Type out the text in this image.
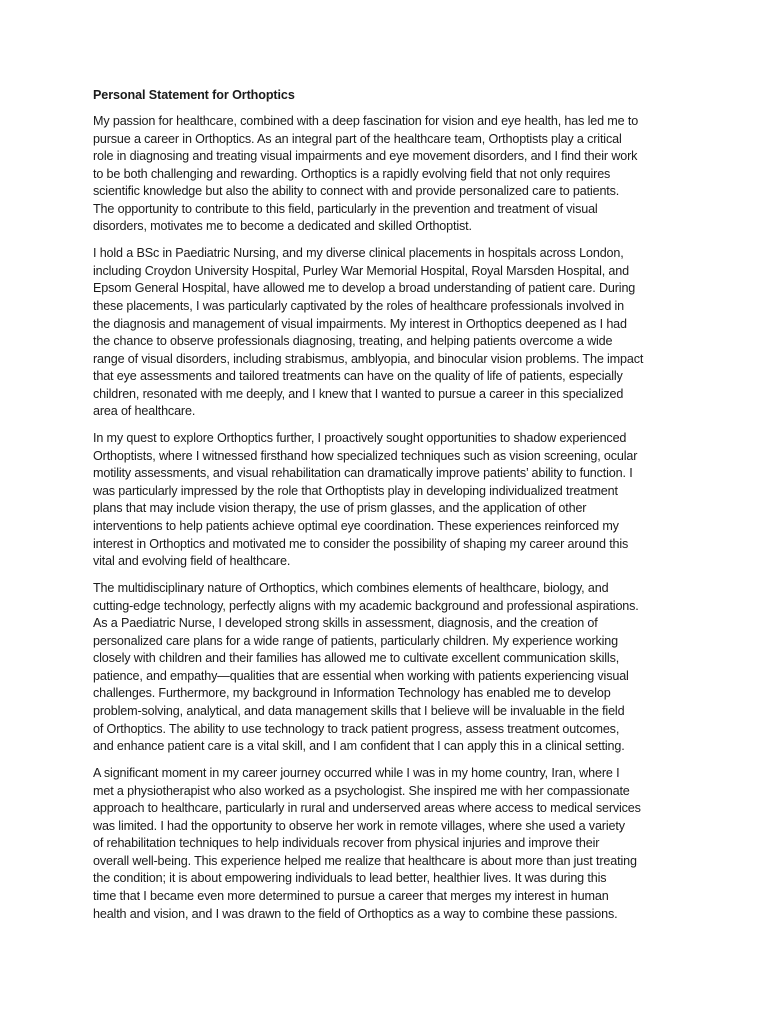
Personal Statement for Orthoptics
My passion for healthcare, combined with a deep fascination for vision and eye health, has led me to
pursue a career in Orthoptics. As an integral part of the healthcare team, Orthoptists play a critical
role in diagnosing and treating visual impairments and eye movement disorders, and I find their work
to be both challenging and rewarding. Orthoptics is a rapidly evolving field that not only requires
scientific knowledge but also the ability to connect with and provide personalized care to patients.
The opportunity to contribute to this field, particularly in the prevention and treatment of visual
disorders, motivates me to become a dedicated and skilled Orthoptist.
I hold a BSc in Paediatric Nursing, and my diverse clinical placements in hospitals across London,
including Croydon University Hospital, Purley War Memorial Hospital, Royal Marsden Hospital, and
Epsom General Hospital, have allowed me to develop a broad understanding of patient care. During
these placements, I was particularly captivated by the roles of healthcare professionals involved in
the diagnosis and management of visual impairments. My interest in Orthoptics deepened as I had
the chance to observe professionals diagnosing, treating, and helping patients overcome a wide
range of visual disorders, including strabismus, amblyopia, and binocular vision problems. The impact
that eye assessments and tailored treatments can have on the quality of life of patients, especially
children, resonated with me deeply, and I knew that I wanted to pursue a career in this specialized
area of healthcare.
In my quest to explore Orthoptics further, I proactively sought opportunities to shadow experienced
Orthoptists, where I witnessed firsthand how specialized techniques such as vision screening, ocular
motility assessments, and visual rehabilitation can dramatically improve patients’ ability to function. I
was particularly impressed by the role that Orthoptists play in developing individualized treatment
plans that may include vision therapy, the use of prism glasses, and the application of other
interventions to help patients achieve optimal eye coordination. These experiences reinforced my
interest in Orthoptics and motivated me to consider the possibility of shaping my career around this
vital and evolving field of healthcare.
The multidisciplinary nature of Orthoptics, which combines elements of healthcare, biology, and
cutting-edge technology, perfectly aligns with my academic background and professional aspirations.
As a Paediatric Nurse, I developed strong skills in assessment, diagnosis, and the creation of
personalized care plans for a wide range of patients, particularly children. My experience working
closely with children and their families has allowed me to cultivate excellent communication skills,
patience, and empathy—qualities that are essential when working with patients experiencing visual
challenges. Furthermore, my background in Information Technology has enabled me to develop
problem-solving, analytical, and data management skills that I believe will be invaluable in the field
of Orthoptics. The ability to use technology to track patient progress, assess treatment outcomes,
and enhance patient care is a vital skill, and I am confident that I can apply this in a clinical setting.
A significant moment in my career journey occurred while I was in my home country, Iran, where I
met a physiotherapist who also worked as a psychologist. She inspired me with her compassionate
approach to healthcare, particularly in rural and underserved areas where access to medical services
was limited. I had the opportunity to observe her work in remote villages, where she used a variety
of rehabilitation techniques to help individuals recover from physical injuries and improve their
overall well-being. This experience helped me realize that healthcare is about more than just treating
the condition; it is about empowering individuals to lead better, healthier lives. It was during this
time that I became even more determined to pursue a career that merges my interest in human
health and vision, and I was drawn to the field of Orthoptics as a way to combine these passions.
